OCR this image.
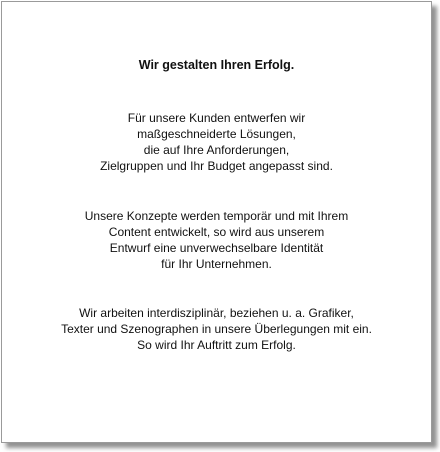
Wir gestalten Ihren Erfolg.

Für unsere Kunden entwerfen wir
maßgeschneiderte Lösungen,
die auf Ihre Anforderungen,
Zielgruppen und Ihr Budget angepasst sind.

Unsere Konzepte werden temporär und mit Ihrem
Content entwickelt, so wird aus unserem
Entwurf eine unverwechselbare Identität
für Ihr Unternehmen.

Wir arbeiten interdisziplinär, beziehen u. a. Grafiker,
Texter und Szenographen in unsere Überlegungen mit ein.
So wird Ihr Auftritt zum Erfolg.
